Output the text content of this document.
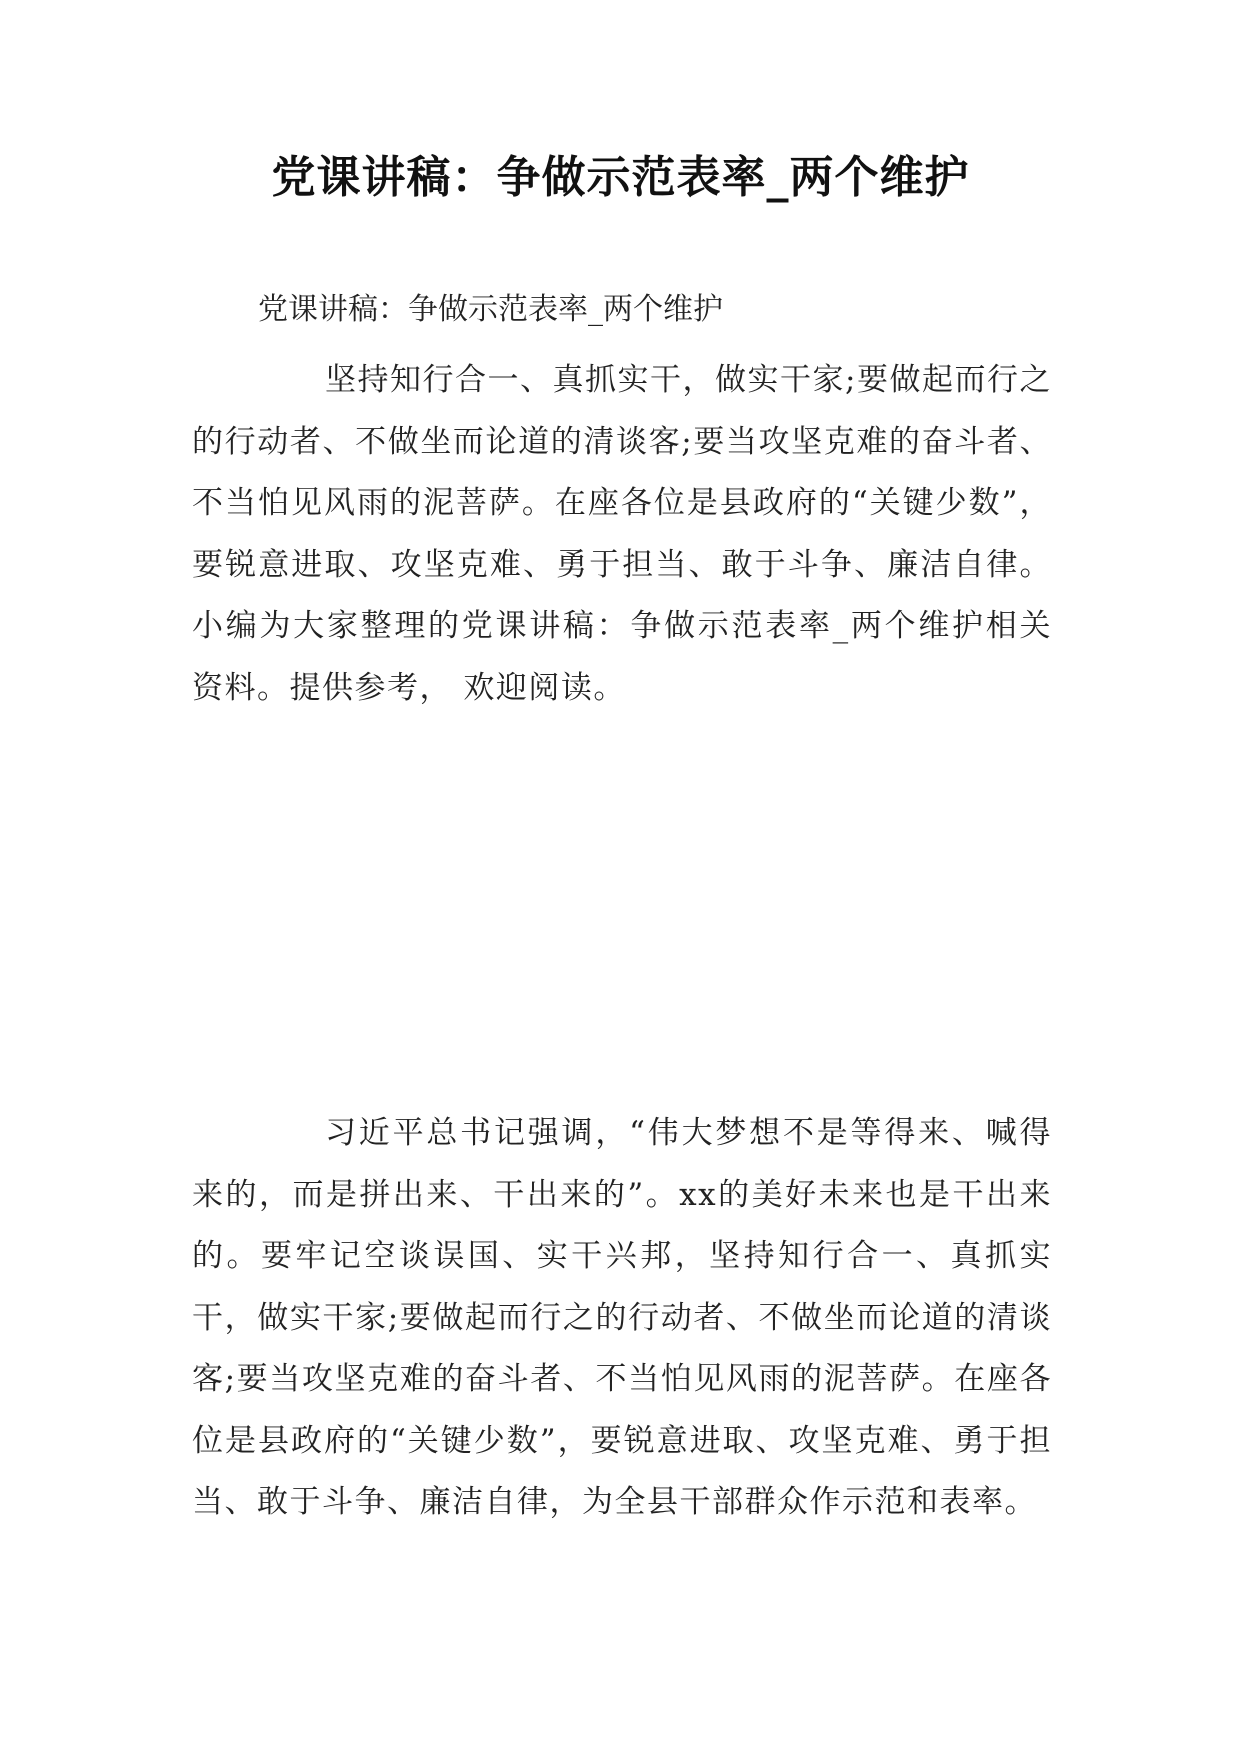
党课讲稿：争做示范表率_两个维护

党课讲稿：争做示范表率_两个维护

坚持知行合一、真抓实干，做实干家;要做起而行之的行动者、不做坐而论道的清谈客;要当攻坚克难的奋斗者、不当怕见风雨的泥菩萨。在座各位是县政府的“关键少数”，要锐意进取、攻坚克难、勇于担当、敢于斗争、廉洁自律。小编为大家整理的党课讲稿：争做示范表率_两个维护相关资料。提供参考， 欢迎阅读。

习近平总书记强调，“伟大梦想不是等得来、喊得来的，而是拼出来、干出来的”。xx的美好未来也是干出来的。要牢记空谈误国、实干兴邦，坚持知行合一、真抓实干，做实干家;要做起而行之的行动者、不做坐而论道的清谈客;要当攻坚克难的奋斗者、不当怕见风雨的泥菩萨。在座各位是县政府的“关键少数”，要锐意进取、攻坚克难、勇于担当、敢于斗争、廉洁自律，为全县干部群众作示范和表率。
